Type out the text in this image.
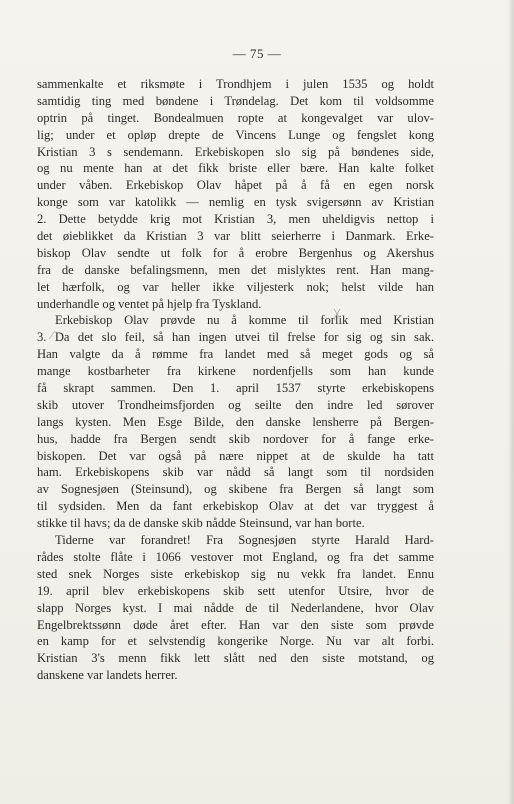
— 75 —
sammenkalte et riksmøte i Trondhjem i julen 1535 og holdt
samtidig ting med bøndene i Trøndelag. Det kom til voldsomme
optrin på tinget. Bondealmuen ropte at kongevalget var ulov-
lig; under et opløp drepte de Vincens Lunge og fengslet kong
Kristian 3 s sendemann. Erkebiskopen slo sig på bøndenes side,
og nu mente han at det fikk briste eller bære. Han kalte folket
under våben. Erkebiskop Olav håpet på å få en egen norsk
konge som var katolikk — nemlig en tysk svigersønn av Kristian
2. Dette betydde krig mot Kristian 3, men uheldigvis nettop i
det øieblikket da Kristian 3 var blitt seierherre i Danmark. Erke-
biskop Olav sendte ut folk for å erobre Bergenhus og Akershus
fra de danske befalingsmenn, men det mislyktes rent. Han mang-
let hærfolk, og var heller ikke viljesterk nok; helst vilde han
underhandle og ventet på hjelp fra Tyskland.
Erkebiskop Olav prøvde nu å komme til forlik med Kristian
3. Da det slo feil, så han ingen utvei til frelse for sig og sin sak.
Han valgte da å rømme fra landet med så meget gods og så
mange kostbarheter fra kirkene nordenfjells som han kunde
få skrapt sammen. Den 1. april 1537 styrte erkebiskopens
skib utover Trondheimsfjorden og seilte den indre led sørover
langs kysten. Men Esge Bilde, den danske lensherre på Bergen-
hus, hadde fra Bergen sendt skib nordover for å fange erke-
biskopen. Det var også på nære nippet at de skulde ha tatt
ham. Erkebiskopens skib var nådd så langt som til nordsiden
av Sognesjøen (Steinsund), og skibene fra Bergen så langt som
til sydsiden. Men da fant erkebiskop Olav at det var tryggest å
stikke til havs; da de danske skib nådde Steinsund, var han borte.
Tiderne var forandret! Fra Sognesjøen styrte Harald Hard-
rådes stolte flåte i 1066 vestover mot England, og fra det samme
sted snek Norges siste erkebiskop sig nu vekk fra landet. Ennu
19. april blev erkebiskopens skib sett utenfor Utsire, hvor de
slapp Norges kyst. I mai nådde de til Nederlandene, hvor Olav
Engelbrektssønn døde året efter. Han var den siste som prøvde
en kamp for et selvstendig kongerike Norge. Nu var alt forbi.
Kristian 3's menn fikk lett slått ned den siste motstand, og
danskene var landets herrer.
